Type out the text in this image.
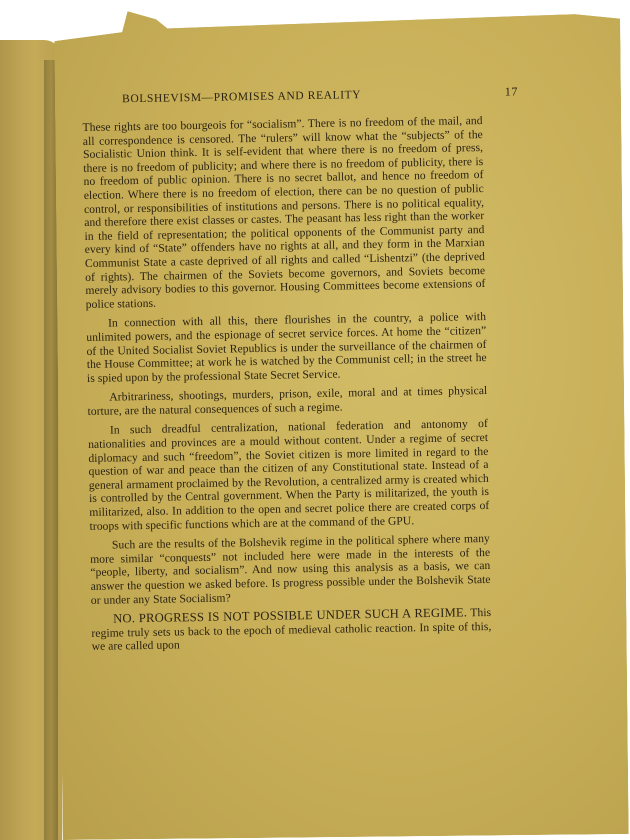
BOLSHEVISM—PROMISES AND REALITY	17

These rights are too bourgeois for “socialism”. There is no freedom of the mail, and all correspondence is censored. The “rulers” will know what the “subjects” of the Socialistic Union think. It is self-evident that where there is no freedom of press, there is no freedom of publicity; and where there is no freedom of publicity, there is no freedom of public opinion. There is no secret ballot, and hence no freedom of election. Where there is no freedom of election, there can be no question of public control, or responsibilities of institutions and persons. There is no political equality, and therefore there exist classes or castes. The peasant has less right than the worker in the field of representation; the political opponents of the Communist party and every kind of “State” offenders have no rights at all, and they form in the Marxian Communist State a caste deprived of all rights and called “Lishentzi” (the deprived of rights). The chairmen of the Soviets become governors, and Soviets become merely advisory bodies to this governor. Housing Committees become extensions of police stations.

In connection with all this, there flourishes in the country, a police with unlimited powers, and the espionage of secret service forces. At home the “citizen” of the United Socialist Soviet Republics is under the surveillance of the chairmen of the House Committee; at work he is watched by the Communist cell; in the street he is spied upon by the professional State Secret Service.

Arbitrariness, shootings, murders, prison, exile, moral and at times physical torture, are the natural consequences of such a regime.

In such dreadful centralization, national federation and antonomy of nationalities and provinces are a mould without content. Under a regime of secret diplomacy and such “freedom”, the Soviet citizen is more limited in regard to the question of war and peace than the citizen of any Constitutional state. Instead of a general armament proclaimed by the Revolution, a centralized army is created which is controlled by the Central government. When the Party is militarized, the youth is militarized, also. In addition to the open and secret police there are created corps of troops with specific functions which are at the command of the GPU.

Such are the results of the Bolshevik regime in the political sphere where many more similar “conquests” not included here were made in the interests of the “people, liberty, and socialism”. And now using this analysis as a basis, we can answer the question we asked before. Is progress possible under the Bolshevik State or under any State Socialism?

NO. PROGRESS IS NOT POSSIBLE UNDER SUCH A REGIME. This regime truly sets us back to the epoch of medieval catholic reaction. In spite of this, we are called upon
